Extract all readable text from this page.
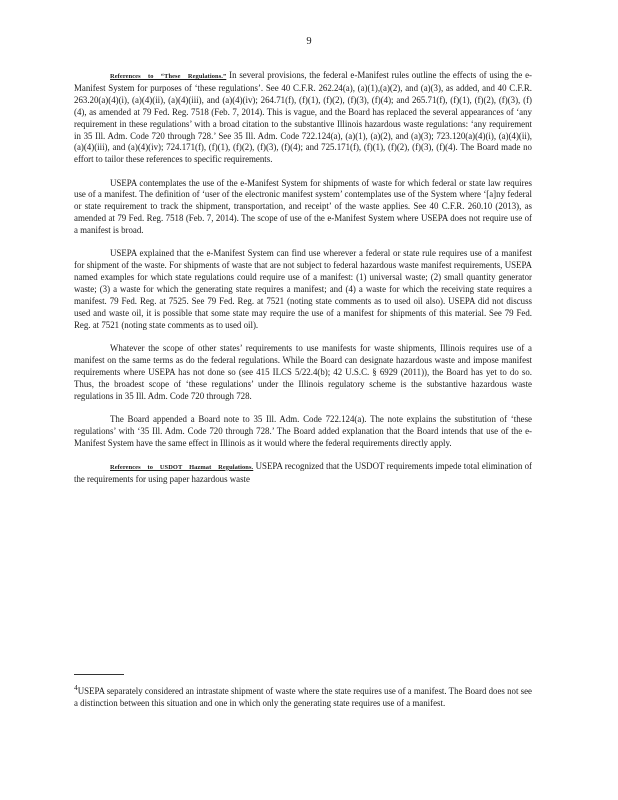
9

References to “These Regulations.” In several provisions, the federal e-Manifest rules outline the effects of using the e-Manifest System for purposes of ‘these regulations’. See 40 C.F.R. 262.24(a), (a)(1),(a)(2), and (a)(3), as added, and 40 C.F.R. 263.20(a)(4)(i), (a)(4)(ii), (a)(4)(iii), and (a)(4)(iv); 264.71(f), (f)(1), (f)(2), (f)(3), (f)(4); and 265.71(f), (f)(1), (f)(2), (f)(3), (f)(4), as amended at 79 Fed. Reg. 7518 (Feb. 7, 2014). This is vague, and the Board has replaced the several appearances of ‘any requirement in these regulations’ with a broad citation to the substantive Illinois hazardous waste regulations: ‘any requirement in 35 Ill. Adm. Code 720 through 728.’ See 35 Ill. Adm. Code 722.124(a), (a)(1), (a)(2), and (a)(3); 723.120(a)(4)(i), (a)(4)(ii), (a)(4)(iii), and (a)(4)(iv); 724.171(f), (f)(1), (f)(2), (f)(3), (f)(4); and 725.171(f), (f)(1), (f)(2), (f)(3), (f)(4). The Board made no effort to tailor these references to specific requirements.

USEPA contemplates the use of the e-Manifest System for shipments of waste for which federal or state law requires use of a manifest. The definition of ‘user of the electronic manifest system’ contemplates use of the System where ‘[a]ny federal or state requirement to track the shipment, transportation, and receipt’ of the waste applies. See 40 C.F.R. 260.10 (2013), as amended at 79 Fed. Reg. 7518 (Feb. 7, 2014). The scope of use of the e-Manifest System where USEPA does not require use of a manifest is broad.

USEPA explained that the e-Manifest System can find use wherever a federal or state rule requires use of a manifest for shipment of the waste. For shipments of waste that are not subject to federal hazardous waste manifest requirements, USEPA named examples for which state regulations could require use of a manifest: (1) universal waste; (2) small quantity generator waste; (3) a waste for which the generating state requires a manifest; and (4) a waste for which the receiving state requires a manifest. 79 Fed. Reg. at 7525. See 79 Fed. Reg. at 7521 (noting state comments as to used oil also). USEPA did not discuss used and waste oil, it is possible that some state may require the use of a manifest for shipments of this material. See 79 Fed. Reg. at 7521 (noting state comments as to used oil).

Whatever the scope of other states’ requirements to use manifests for waste shipments, Illinois requires use of a manifest on the same terms as do the federal regulations. While the Board can designate hazardous waste and impose manifest requirements where USEPA has not done so (see 415 ILCS 5/22.4(b); 42 U.S.C. § 6929 (2011)), the Board has yet to do so. Thus, the broadest scope of ‘these regulations’ under the Illinois regulatory scheme is the substantive hazardous waste regulations in 35 Ill. Adm. Code 720 through 728.

The Board appended a Board note to 35 Ill. Adm. Code 722.124(a). The note explains the substitution of ‘these regulations’ with ‘35 Ill. Adm. Code 720 through 728.’ The Board added explanation that the Board intends that use of the e-Manifest System have the same effect in Illinois as it would where the federal requirements directly apply.

References to USDOT Hazmat Regulations. USEPA recognized that the USDOT requirements impede total elimination of the requirements for using paper hazardous waste

$^4$USEPA separately considered an intrastate shipment of waste where the state requires use of a manifest. The Board does not see a distinction between this situation and one in which only the generating state requires use of a manifest.
